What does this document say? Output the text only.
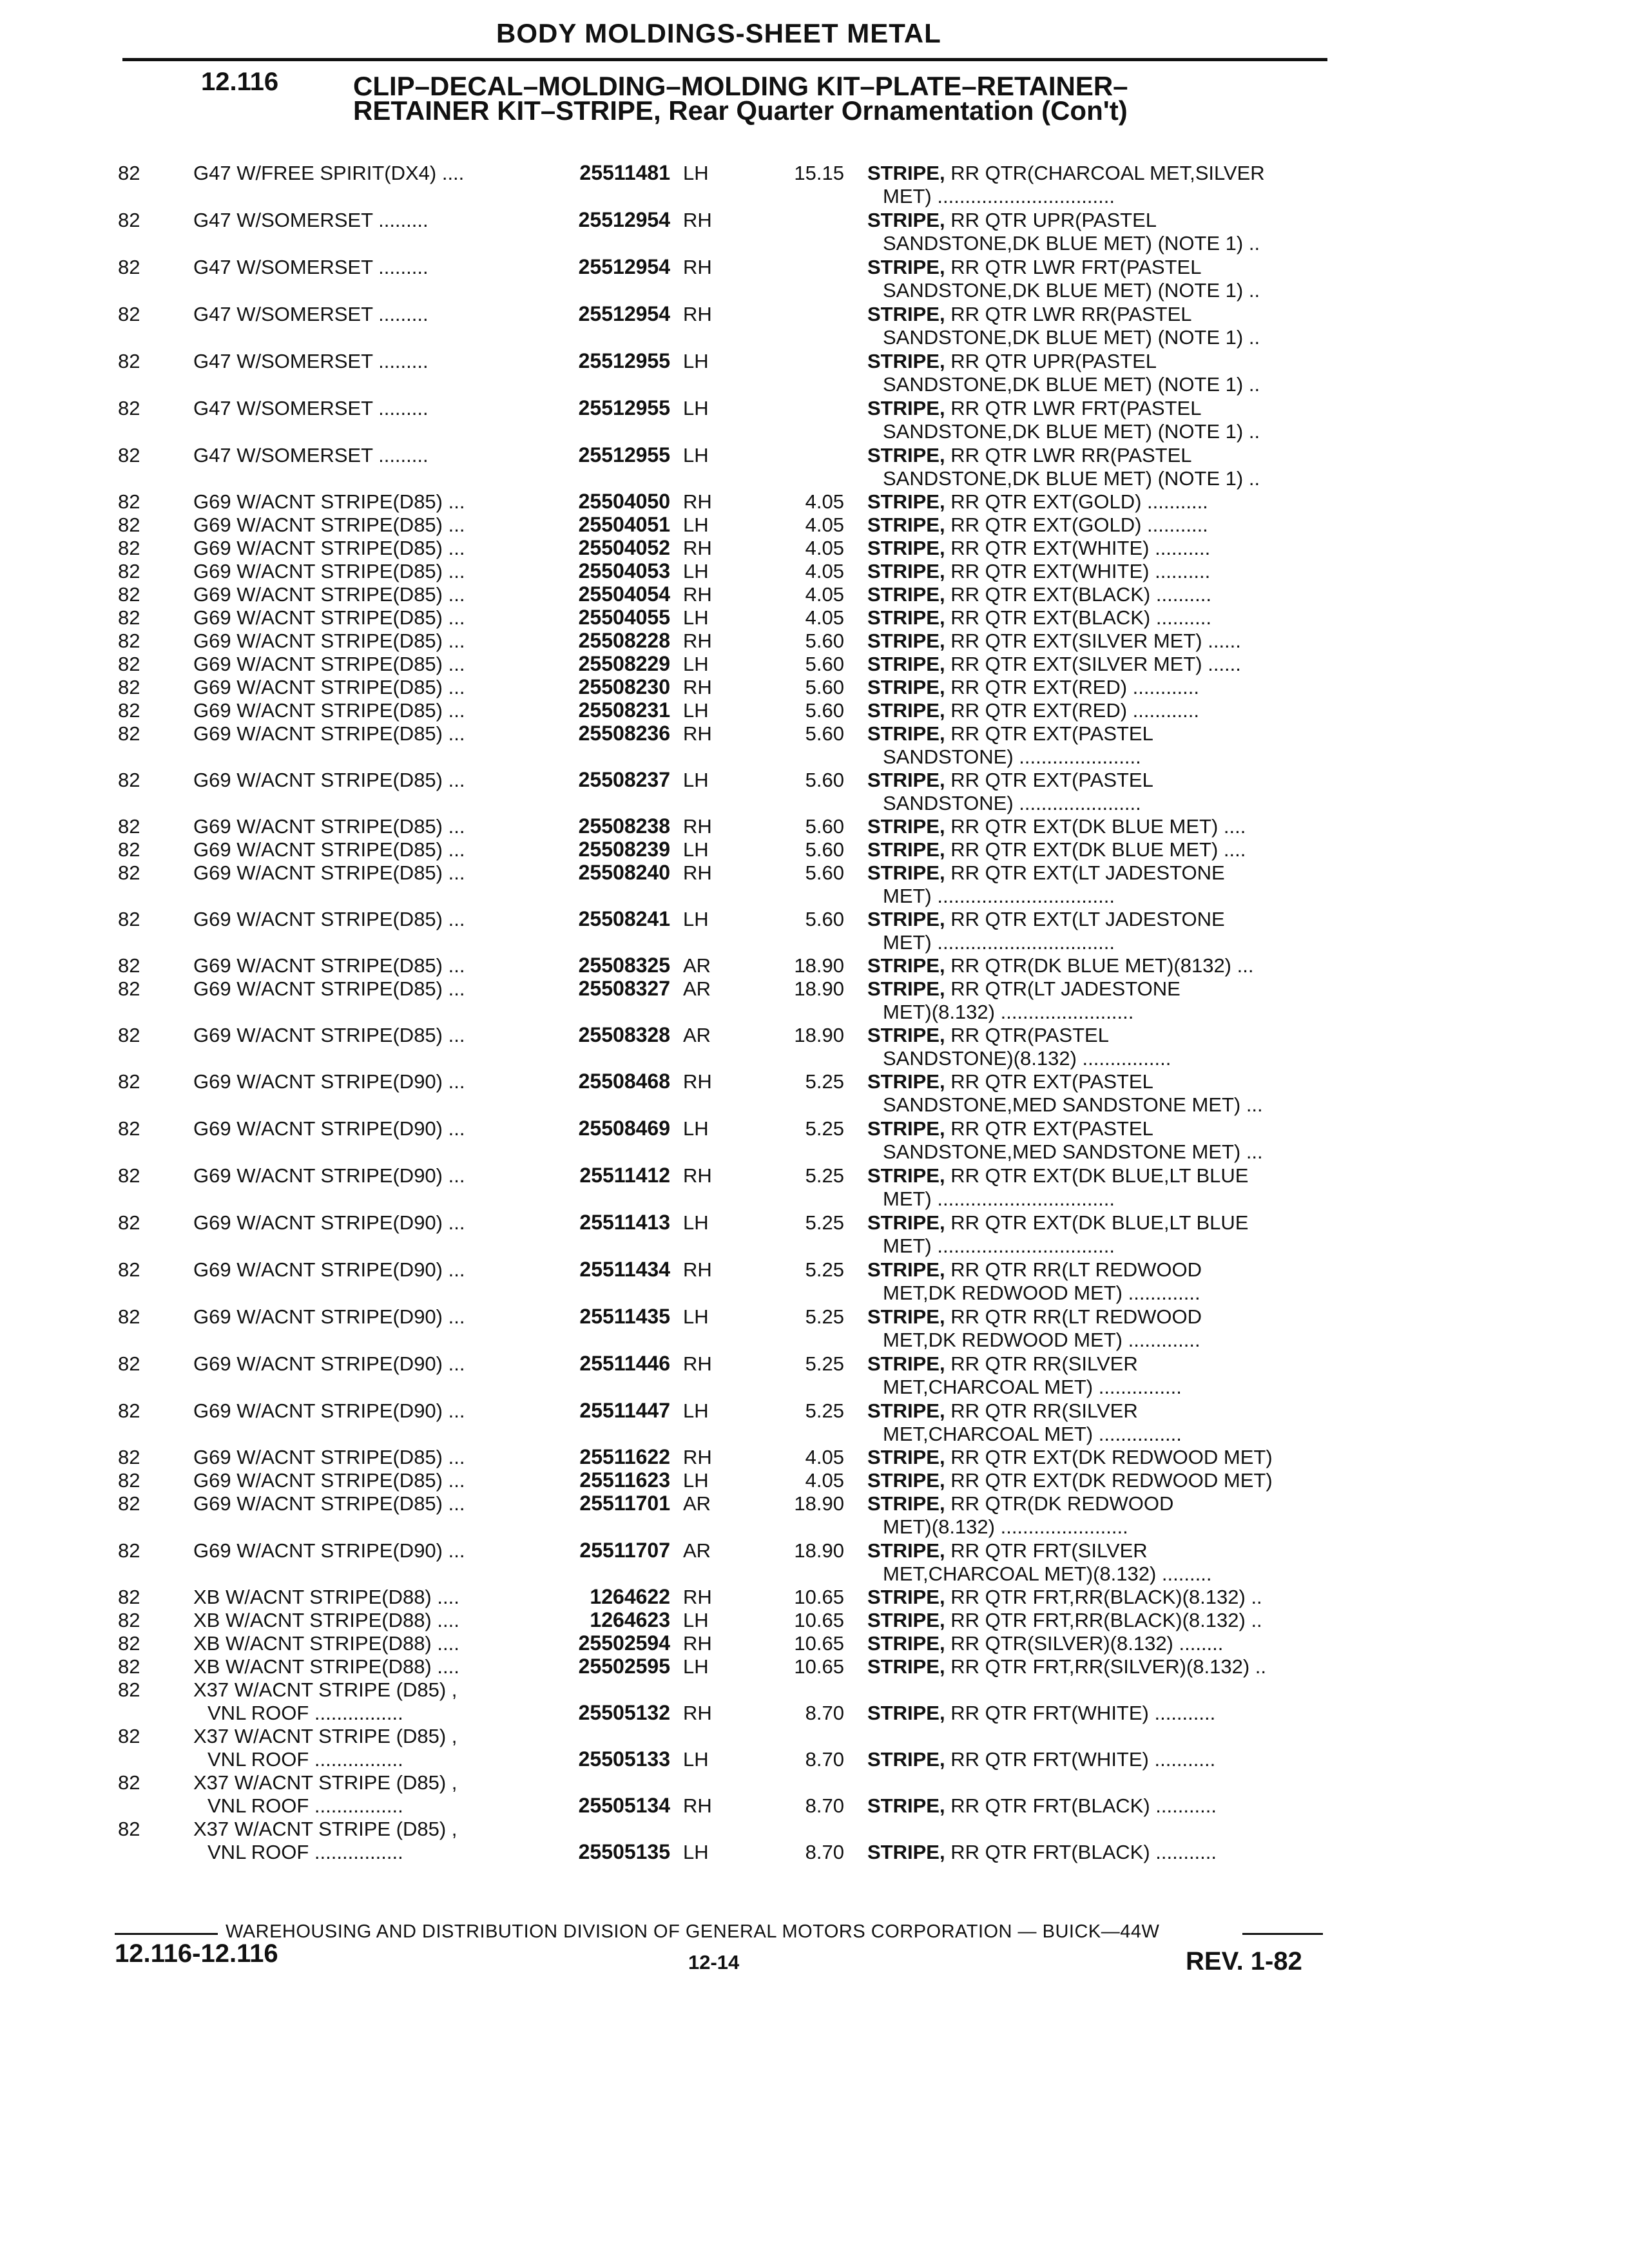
BODY MOLDINGS-SHEET METAL
12.116	CLIP–DECAL–MOLDING–MOLDING KIT–PLATE–RETAINER–
RETAINER KIT–STRIPE, Rear Quarter Ornamentation (Con't)
82	G47 W/FREE SPIRIT(DX4) ....	25511481 LH	15.15 STRIPE, RR QTR(CHARCOAL MET,SILVER
MET) ................................
82	G47 W/SOMERSET .........	25512954 RH	STRIPE, RR QTR UPR(PASTEL
SANDSTONE,DK BLUE MET) (NOTE 1) ..
82	G47 W/SOMERSET .........	25512954 RH	STRIPE, RR QTR LWR FRT(PASTEL
SANDSTONE,DK BLUE MET) (NOTE 1) ..
82	G47 W/SOMERSET .........	25512954 RH	STRIPE, RR QTR LWR RR(PASTEL
SANDSTONE,DK BLUE MET) (NOTE 1) ..
82	G47 W/SOMERSET .........	25512955 LH	STRIPE, RR QTR UPR(PASTEL
SANDSTONE,DK BLUE MET) (NOTE 1) ..
82	G47 W/SOMERSET .........	25512955 LH	STRIPE, RR QTR LWR FRT(PASTEL
SANDSTONE,DK BLUE MET) (NOTE 1) ..
82	G47 W/SOMERSET .........	25512955 LH	STRIPE, RR QTR LWR RR(PASTEL
SANDSTONE,DK BLUE MET) (NOTE 1) ..
82	G69 W/ACNT STRIPE(D85) ...	25504050 RH	4.05 STRIPE, RR QTR EXT(GOLD) ...........
82	G69 W/ACNT STRIPE(D85) ...	25504051 LH	4.05 STRIPE, RR QTR EXT(GOLD) ...........
82	G69 W/ACNT STRIPE(D85) ...	25504052 RH	4.05 STRIPE, RR QTR EXT(WHITE) ..........
82	G69 W/ACNT STRIPE(D85) ...	25504053 LH	4.05 STRIPE, RR QTR EXT(WHITE) ..........
82	G69 W/ACNT STRIPE(D85) ...	25504054 RH	4.05 STRIPE, RR QTR EXT(BLACK) ..........
82	G69 W/ACNT STRIPE(D85) ...	25504055 LH	4.05 STRIPE, RR QTR EXT(BLACK) ..........
82	G69 W/ACNT STRIPE(D85) ...	25508228 RH	5.60 STRIPE, RR QTR EXT(SILVER MET) ......
82	G69 W/ACNT STRIPE(D85) ...	25508229 LH	5.60 STRIPE, RR QTR EXT(SILVER MET) ......
82	G69 W/ACNT STRIPE(D85) ...	25508230 RH	5.60 STRIPE, RR QTR EXT(RED) ............
82	G69 W/ACNT STRIPE(D85) ...	25508231 LH	5.60 STRIPE, RR QTR EXT(RED) ............
82	G69 W/ACNT STRIPE(D85) ...	25508236 RH	5.60 STRIPE, RR QTR EXT(PASTEL
SANDSTONE) ......................
82	G69 W/ACNT STRIPE(D85) ...	25508237 LH	5.60 STRIPE, RR QTR EXT(PASTEL
SANDSTONE) ......................
82	G69 W/ACNT STRIPE(D85) ...	25508238 RH	5.60 STRIPE, RR QTR EXT(DK BLUE MET) ....
82	G69 W/ACNT STRIPE(D85) ...	25508239 LH	5.60 STRIPE, RR QTR EXT(DK BLUE MET) ....
82	G69 W/ACNT STRIPE(D85) ...	25508240 RH	5.60 STRIPE, RR QTR EXT(LT JADESTONE
MET) ................................
82	G69 W/ACNT STRIPE(D85) ...	25508241 LH	5.60 STRIPE, RR QTR EXT(LT JADESTONE
MET) ................................
82	G69 W/ACNT STRIPE(D85) ...	25508325 AR	18.90 STRIPE, RR QTR(DK BLUE MET)(8132) ...
82	G69 W/ACNT STRIPE(D85) ...	25508327 AR	18.90 STRIPE, RR QTR(LT JADESTONE
MET)(8.132) ........................
82	G69 W/ACNT STRIPE(D85) ...	25508328 AR	18.90 STRIPE, RR QTR(PASTEL
SANDSTONE)(8.132) ................
82	G69 W/ACNT STRIPE(D90) ...	25508468 RH	5.25 STRIPE, RR QTR EXT(PASTEL
SANDSTONE,MED SANDSTONE MET) ...
82	G69 W/ACNT STRIPE(D90) ...	25508469 LH	5.25 STRIPE, RR QTR EXT(PASTEL
SANDSTONE,MED SANDSTONE MET) ...
82	G69 W/ACNT STRIPE(D90) ...	25511412 RH	5.25 STRIPE, RR QTR EXT(DK BLUE,LT BLUE
MET) ................................
82	G69 W/ACNT STRIPE(D90) ...	25511413 LH	5.25 STRIPE, RR QTR EXT(DK BLUE,LT BLUE
MET) ................................
82	G69 W/ACNT STRIPE(D90) ...	25511434 RH	5.25 STRIPE, RR QTR RR(LT REDWOOD
MET,DK REDWOOD MET) .............
82	G69 W/ACNT STRIPE(D90) ...	25511435 LH	5.25 STRIPE, RR QTR RR(LT REDWOOD
MET,DK REDWOOD MET) .............
82	G69 W/ACNT STRIPE(D90) ...	25511446 RH	5.25 STRIPE, RR QTR RR(SILVER
MET,CHARCOAL MET) ...............
82	G69 W/ACNT STRIPE(D90) ...	25511447 LH	5.25 STRIPE, RR QTR RR(SILVER
MET,CHARCOAL MET) ...............
82	G69 W/ACNT STRIPE(D85) ...	25511622 RH	4.05 STRIPE, RR QTR EXT(DK REDWOOD MET)
82	G69 W/ACNT STRIPE(D85) ...	25511623 LH	4.05 STRIPE, RR QTR EXT(DK REDWOOD MET)
82	G69 W/ACNT STRIPE(D85) ...	25511701 AR	18.90 STRIPE, RR QTR(DK REDWOOD
MET)(8.132) .......................
82	G69 W/ACNT STRIPE(D90) ...	25511707 AR	18.90 STRIPE, RR QTR FRT(SILVER
MET,CHARCOAL MET)(8.132) .........
82	XB W/ACNT STRIPE(D88) ....	1264622 RH	10.65 STRIPE, RR QTR FRT,RR(BLACK)(8.132) ..
82	XB W/ACNT STRIPE(D88) ....	1264623 LH	10.65 STRIPE, RR QTR FRT,RR(BLACK)(8.132) ..
82	XB W/ACNT STRIPE(D88) ....	25502594 RH	10.65 STRIPE, RR QTR(SILVER)(8.132) ........
82	XB W/ACNT STRIPE(D88) ....	25502595 LH	10.65 STRIPE, RR QTR FRT,RR(SILVER)(8.132) ..
82	X37 W/ACNT STRIPE (D85) ,
VNL ROOF ................	25505132 RH	8.70 STRIPE, RR QTR FRT(WHITE) ...........
82	X37 W/ACNT STRIPE (D85) ,
VNL ROOF ................	25505133 LH	8.70 STRIPE, RR QTR FRT(WHITE) ...........
82	X37 W/ACNT STRIPE (D85) ,
VNL ROOF ................	25505134 RH	8.70 STRIPE, RR QTR FRT(BLACK) ...........
82	X37 W/ACNT STRIPE (D85) ,
VNL ROOF ................	25505135 LH	8.70 STRIPE, RR QTR FRT(BLACK) ...........
WAREHOUSING AND DISTRIBUTION DIVISION OF GENERAL MOTORS CORPORATION — BUICK—44W
12.116-12.116	12-14	REV. 1-82
